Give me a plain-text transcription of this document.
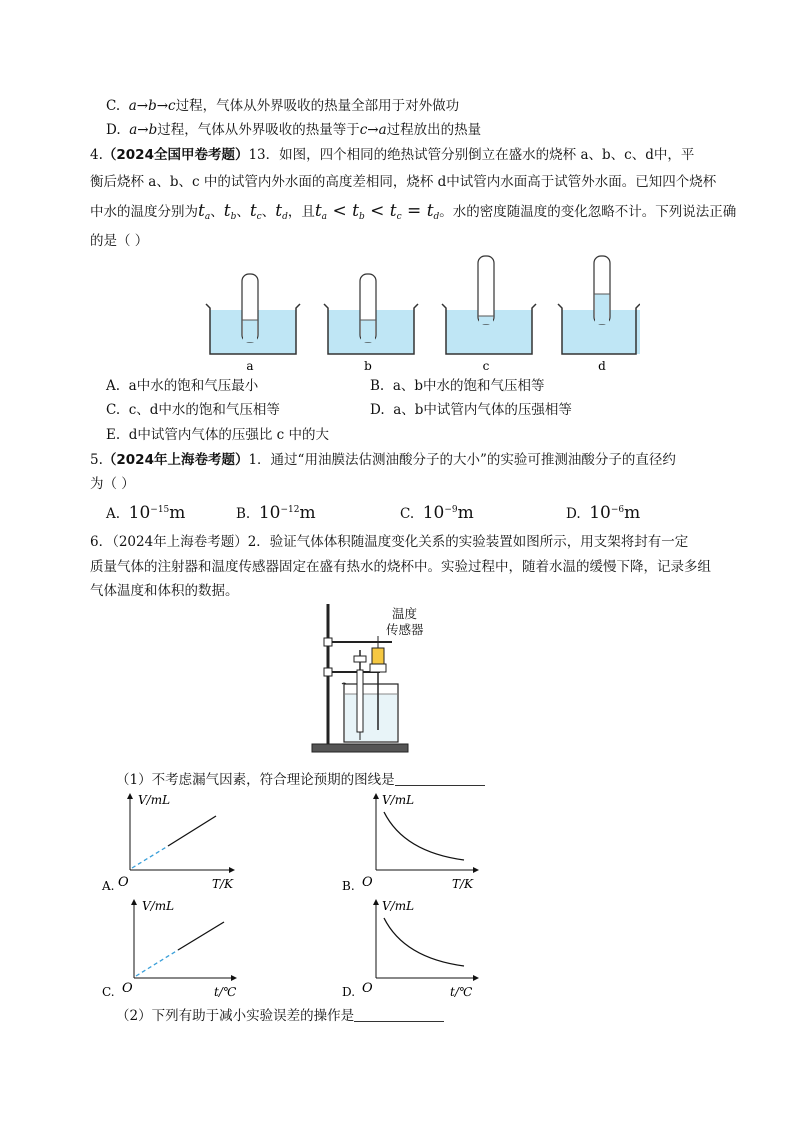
C.  a→b→c过程，气体从外界吸收的热量全部用于对外做功
D.  a→b过程，气体从外界吸收的热量等于c→a过程放出的热量
4.（2024全国甲卷考题）13．如图，四个相同的绝热试管分别倒立在盛水的烧杯 a、b、c、d中，平
衡后烧杯 a、b、c 中的试管内外水面的高度差相同，烧杯 d中试管内水面高于试管外水面。已知四个烧杯
中水的温度分别为$t_a$、$t_b$、$t_c$、$t_d$，且$t_a < t_b < t_c = t_d$。水的密度随温度的变化忽略不计。下列说法正确
的是（ ）
a	b	c	d
A. a中水的饱和气压最小	B. a、b中水的饱和气压相等
C. c、d中水的饱和气压相等	D. a、b中试管内气体的压强相等
E. d中试管内气体的压强比 c 中的大
5.（2024年上海卷考题）1．通过“用油膜法估测油酸分子的大小”的实验可推测油酸分子的直径约
为（ ）
A. $10^{-15}m$	B. $10^{-12}m$	C. $10^{-9}m$	D. $10^{-6}m$
6．（2024年上海卷考题）2．验证气体体积随温度变化关系的实验装置如图所示，用支架将封有一定
质量气体的注射器和温度传感器固定在盛有热水的烧杯中。实验过程中，随着水温的缓慢下降，记录多组
气体温度和体积的数据。
温度
传感器
（1）不考虑漏气因素，符合理论预期的图线是
V/mL
O	T/K
A.
V/mL
O	T/K
B.
V/mL
O	t/℃
C.
V/mL
O	t/℃
D.
（2）下列有助于减小实验误差的操作是
